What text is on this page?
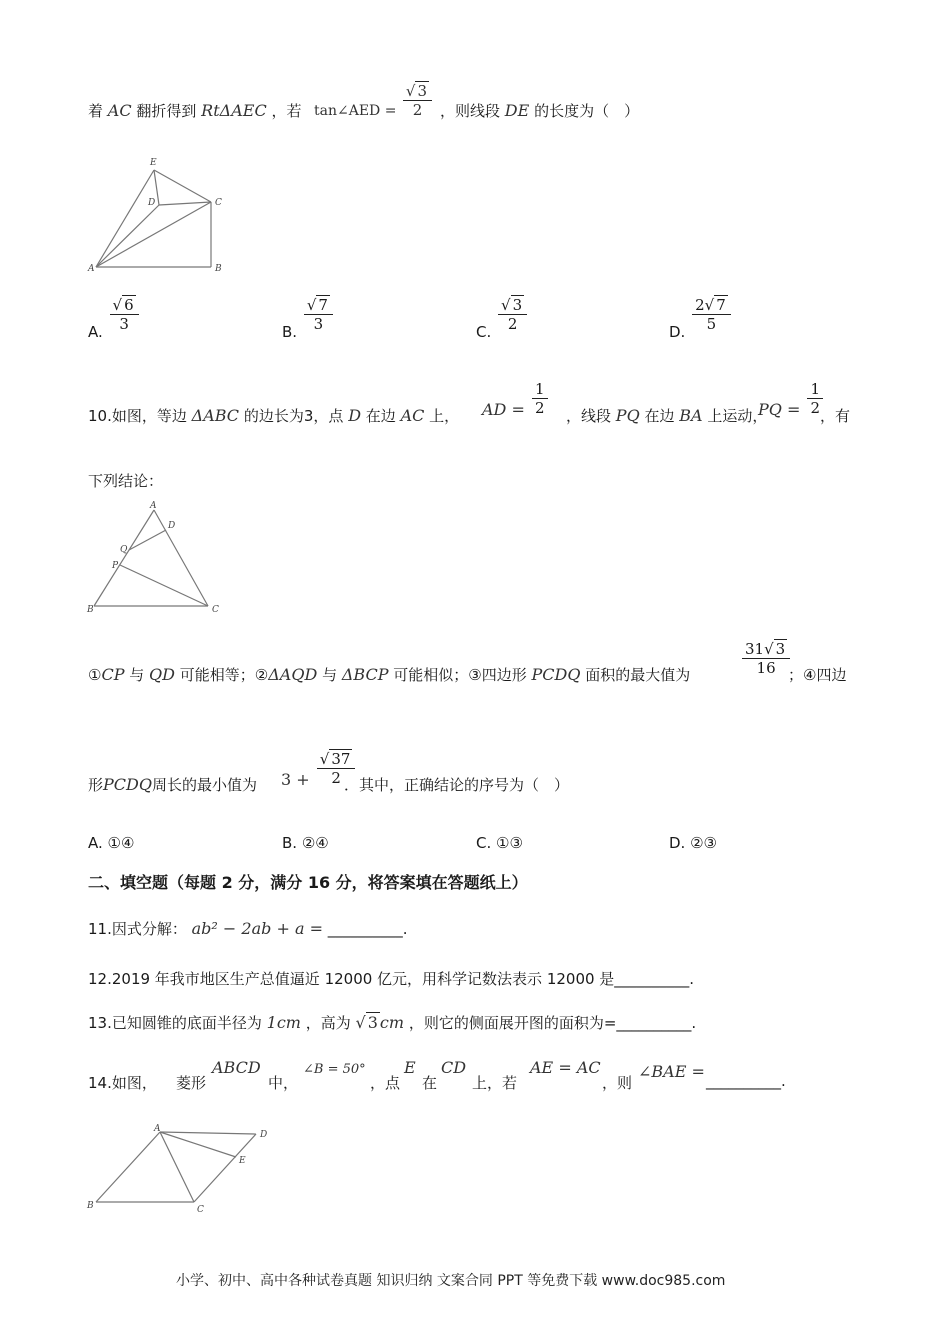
着 AC 翻折得到 RtΔAEC ，若 tan∠AED = $\frac{√ 3}{2}$ ，则线段 DE 的长度为（　）
E
D	C
A	B
A. $\frac{√ 6}{3}$	B. $\frac{√ 7}{3}$	C. $\frac{√ 3}{2}$	D. $\frac{2√ 7}{5}$
10.如图，等边 ΔABC 的边长为3，点 D 在边 AC 上， AD = $\frac{1}{2}$ ，线段 PQ 在边 BA 上运动，
PQ = $\frac{1}{2}$
，有
下列结论：
A
D
Q
P
B	C
①CP 与 QD 可能相等；②ΔAQD 与 ΔBCP 可能相似；③四边形 PCDQ 面积的最大值为	$\frac{31√ 3}{16}$
；④四边
形PCDQ周长的最小值为 $3 + \frac{√ 37}{2}$
．其中，正确结论的序号为（　）
A. ①④	B. ②④	C. ①③	D. ②③
二、填空题（每题 2 分，满分 16 分，将答案填在答题纸上）
11.因式分解： ab² − 2ab + a = __________.
12.2019 年我市地区生产总值逼近 12000 亿元，用科学记数法表示 12000 是__________.
13.已知圆锥的底面半径为 1cm ，高为 √ 3 cm ，则它的侧面展开图的面积为=__________.
14.如图， 菱形
ABCD
中，
∠B = 50°
，点
E
在
CD
上，若
AE = AC
，则
∠BAE = __________.
A
D
E
B	C
小学、初中、高中各种试卷真题 知识归纳 文案合同 PPT 等免费下载 www.doc985.com
